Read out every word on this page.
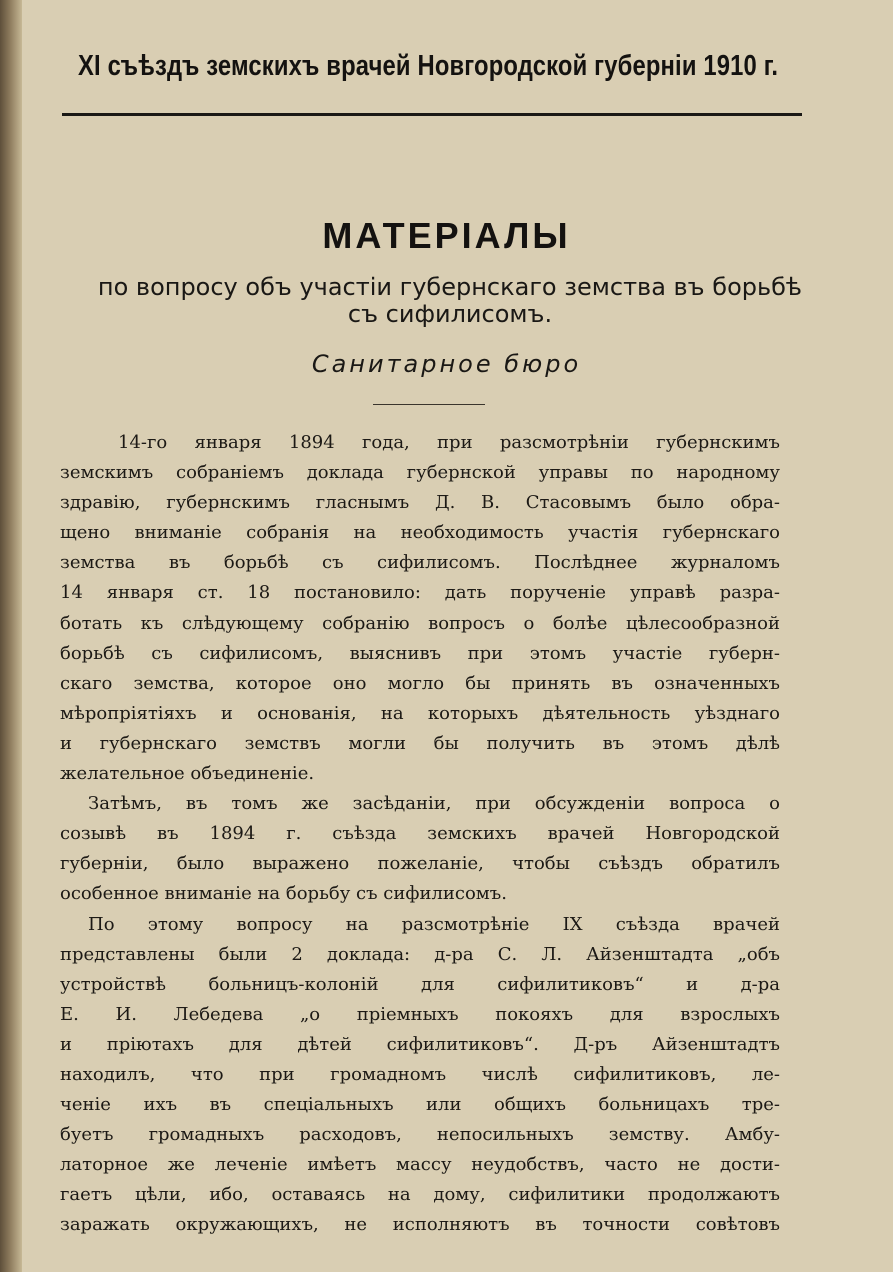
XI съѣздъ земскихъ врачей Новгородской губерніи 1910 г.
МАТЕРІАЛЫ
по вопросу объ участіи губернскаго земства въ борьбѣ
съ сифилисомъ.
Санитарное бюро
14-го января 1894 года, при разсмотрѣніи губернскимъ
земскимъ собраніемъ доклада губернской управы по народному
здравію, губернскимъ гласнымъ Д. В. Стасовымъ было обра-
щено вниманіе собранія на необходимость участія губернскаго
земства въ борьбѣ съ сифилисомъ. Послѣднее журналомъ
14 января ст. 18 постановило: дать порученіе управѣ разра-
ботать къ слѣдующему собранію вопросъ о болѣе цѣлесообразной
борьбѣ съ сифилисомъ, выяснивъ при этомъ участіе губерн-
скаго земства, которое оно могло бы принять въ означенныхъ
мѣропріятіяхъ и основанія, на которыхъ дѣятельность уѣзднаго
и губернскаго земствъ могли бы получить въ этомъ дѣлѣ
желательное объединеніе.
Затѣмъ, въ томъ же засѣданіи, при обсужденіи вопроса о
созывѣ въ 1894 г. съѣзда земскихъ врачей Новгородской
губерніи, было выражено пожеланіе, чтобы съѣздъ обратилъ
особенное вниманіе на борьбу съ сифилисомъ.
По этому вопросу на разсмотрѣніе IX съѣзда врачей
представлены были 2 доклада: д-ра С. Л. Айзенштадта „объ
устройствѣ больницъ-колоній для сифилитиковъ“ и д-ра
Е. И. Лебедева „о пріемныхъ покояхъ для взрослыхъ
и пріютахъ для дѣтей сифилитиковъ“. Д-ръ Айзенштадтъ
находилъ, что при громадномъ числѣ сифилитиковъ, ле-
ченіе ихъ въ спеціальныхъ или общихъ больницахъ тре-
буетъ громадныхъ расходовъ, непосильныхъ земству. Амбу-
латорное же леченіе имѣетъ массу неудобствъ, часто не дости-
гаетъ цѣли, ибо, оставаясь на дому, сифилитики продолжаютъ
заражать окружающихъ, не исполняютъ въ точности совѣтовъ
